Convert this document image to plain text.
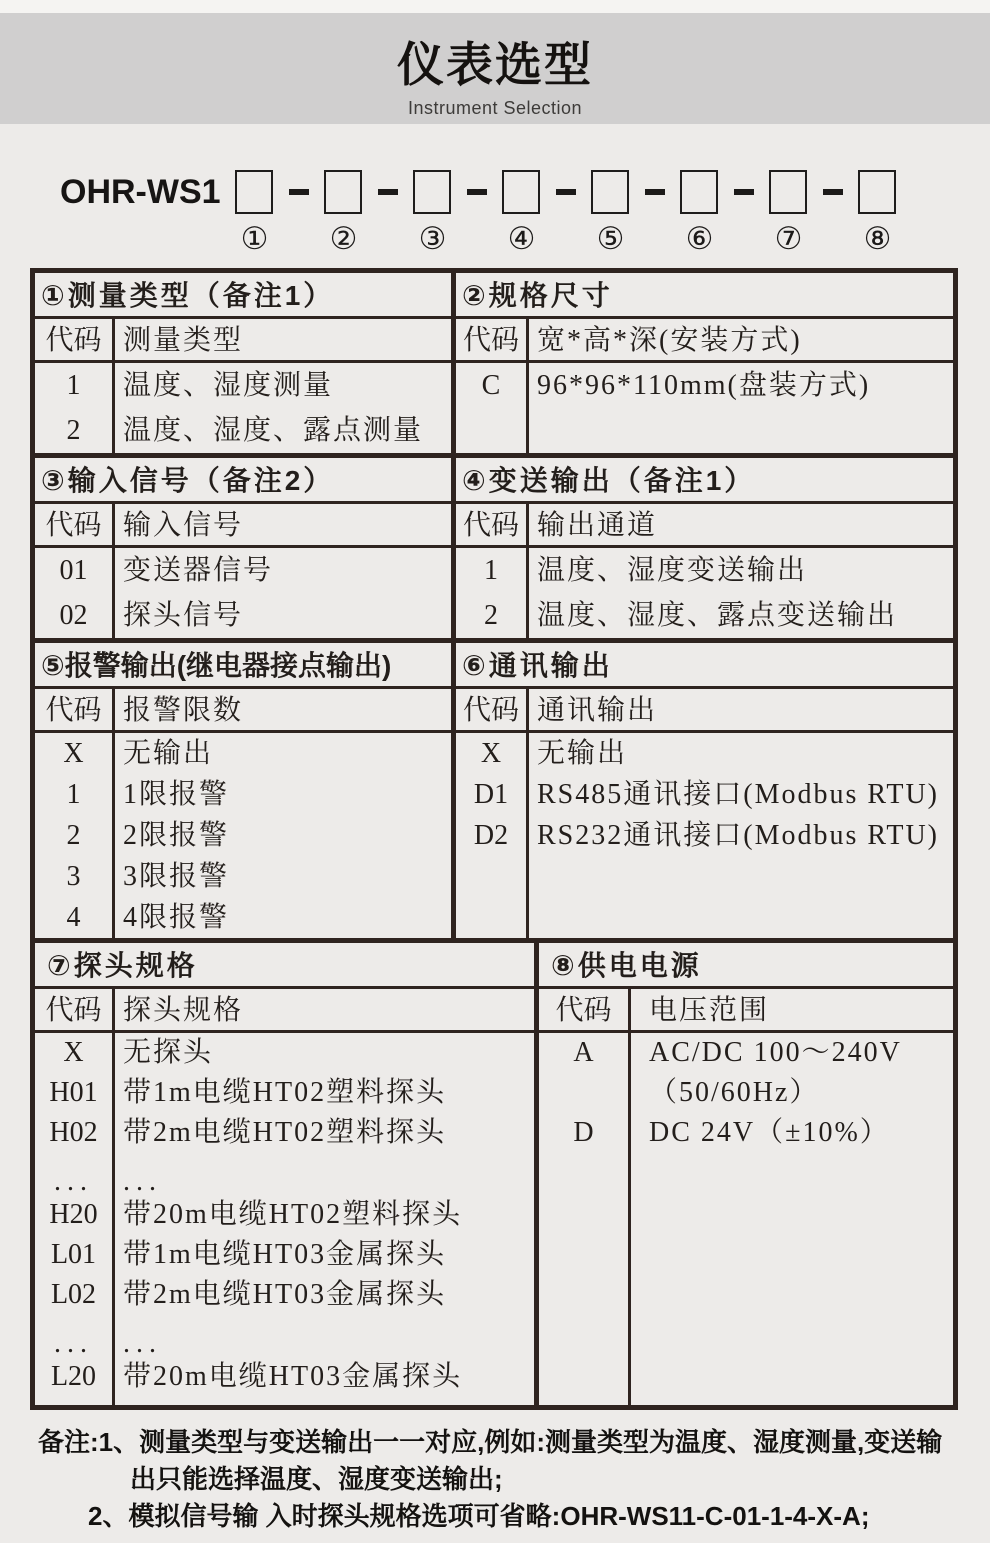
仪表选型
Instrument Selection
OHR-WS1
① ② ③ ④ ⑤ ⑥ ⑦ ⑧
①测量类型（备注1）
代码 测量类型
1
2
温度、湿度测量
温度、湿度、露点测量
②规格尺寸
代码 宽*高*深(安装方式)
C	96*96*110mm(盘装方式)
③输入信号（备注2）
代码 输入信号
01
02
变送器信号
探头信号
④变送输出（备注1）
代码 输出通道
1
2
温度、湿度变送输出
温度、湿度、露点变送输出
⑤报警输出(继电器接点输出)
代码 报警限数
X
1
2
3
4
无输出
1限报警
2限报警
3限报警
4限报警
⑥通讯输出
代码 通讯输出
X
D1
D2
无输出
RS485通讯接口(Modbus RTU)
RS232通讯接口(Modbus RTU)
⑦探头规格
代码 探头规格
X
H01
H02
...
H20
L01
L02
...
L20
无探头
带1m电缆HT02塑料探头
带2m电缆HT02塑料探头
...
带20m电缆HT02塑料探头
带1m电缆HT03金属探头
带2m电缆HT03金属探头
...
带20m电缆HT03金属探头
⑧供电电源
代码	电压范围
A
D
AC/DC 100～240V
（50/60Hz）
DC 24V（±10%）
备注:1、测量类型与变送输出一一对应,例如:测量类型为温度、湿度测量,变送输
出只能选择温度、湿度变送输出;
2、模拟信号输 入时探头规格选项可省略:OHR-WS11-C-01-1-4-X-A;
